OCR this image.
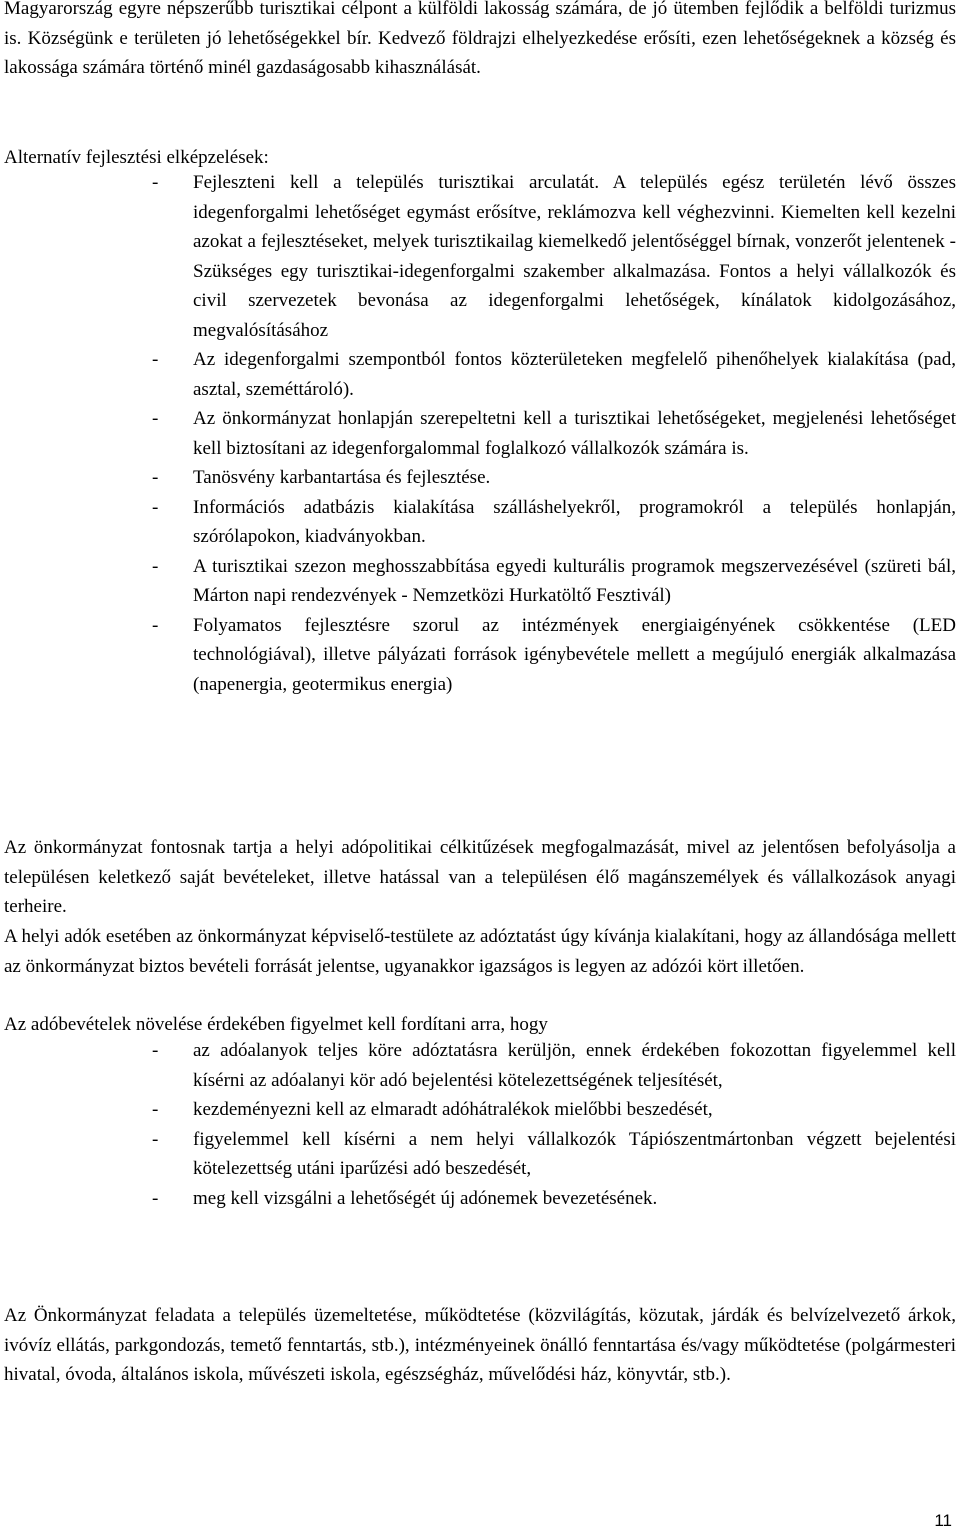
Magyarország egyre népszerűbb turisztikai célpont a külföldi lakosság számára, de jó ütemben fejlődik a belföldi turizmus is. Községünk e területen jó lehetőségekkel bír. Kedvező földrajzi elhelyezkedése erősíti, ezen lehetőségeknek a község és lakossága számára történő minél gazdaságosabb kihasználását.

Alternatív fejlesztési elképzelések:

- Fejleszteni kell a település turisztikai arculatát. A település egész területén lévő összes idegenforgalmi lehetőséget egymást erősítve, reklámozva kell véghezvinni. Kiemelten kell kezelni azokat a fejlesztéseket, melyek turisztikailag kiemelkedő jelentőséggel bírnak, vonzerőt jelentenek - Szükséges egy turisztikai-idegenforgalmi szakember alkalmazása. Fontos a helyi vállalkozók és civil szervezetek bevonása az idegenforgalmi lehetőségek, kínálatok kidolgozásához, megvalósításához
- Az idegenforgalmi szempontból fontos közterületeken megfelelő pihenőhelyek kialakítása (pad, asztal, szeméttároló).
- Az önkormányzat honlapján szerepeltetni kell a turisztikai lehetőségeket, megjelenési lehetőséget kell biztosítani az idegenforgalommal foglalkozó vállalkozók számára is.
- Tanösvény karbantartása és fejlesztése.
- Információs adatbázis kialakítása szálláshelyekről, programokról a település honlapján, szórólapokon, kiadványokban.
- A turisztikai szezon meghosszabbítása egyedi kulturális programok megszervezésével (szüreti bál, Márton napi rendezvények - Nemzetközi Hurkatöltő Fesztivál)
- Folyamatos fejlesztésre szorul az intézmények energiaigényének csökkentése (LED technológiával), illetve pályázati források igénybevétele mellett a megújuló energiák alkalmazása (napenergia, geotermikus energia)

Az önkormányzat fontosnak tartja a helyi adópolitikai célkitűzések megfogalmazását, mivel az jelentősen befolyásolja a településen keletkező saját bevételeket, illetve hatással van a településen élő magánszemélyek és vállalkozások anyagi terheire.

A helyi adók esetében az önkormányzat képviselő-testülete az adóztatást úgy kívánja kialakítani, hogy az állandósága mellett az önkormányzat biztos bevételi forrását jelentse, ugyanakkor igazságos is legyen az adózói kört illetően.

Az adóbevételek növelése érdekében figyelmet kell fordítani arra, hogy

- az adóalanyok teljes köre adóztatásra kerüljön, ennek érdekében fokozottan figyelemmel kell kísérni az adóalanyi kör adó bejelentési kötelezettségének teljesítését,
- kezdeményezni kell az elmaradt adóhátralékok mielőbbi beszedését,
- figyelemmel kell kísérni a nem helyi vállalkozók Tápiószentmártonban végzett bejelentési kötelezettség utáni iparűzési adó beszedését,
- meg kell vizsgálni a lehetőségét új adónemek bevezetésének.

Az Önkormányzat feladata a település üzemeltetése, működtetése (közvilágítás, közutak, járdák és belvízelvezető árkok, ivóvíz ellátás, parkgondozás, temető fenntartás, stb.), intézményeinek önálló fenntartása és/vagy működtetése (polgármesteri hivatal, óvoda, általános iskola, művészeti iskola, egészségház, művelődési ház, könyvtár, stb.).

11
